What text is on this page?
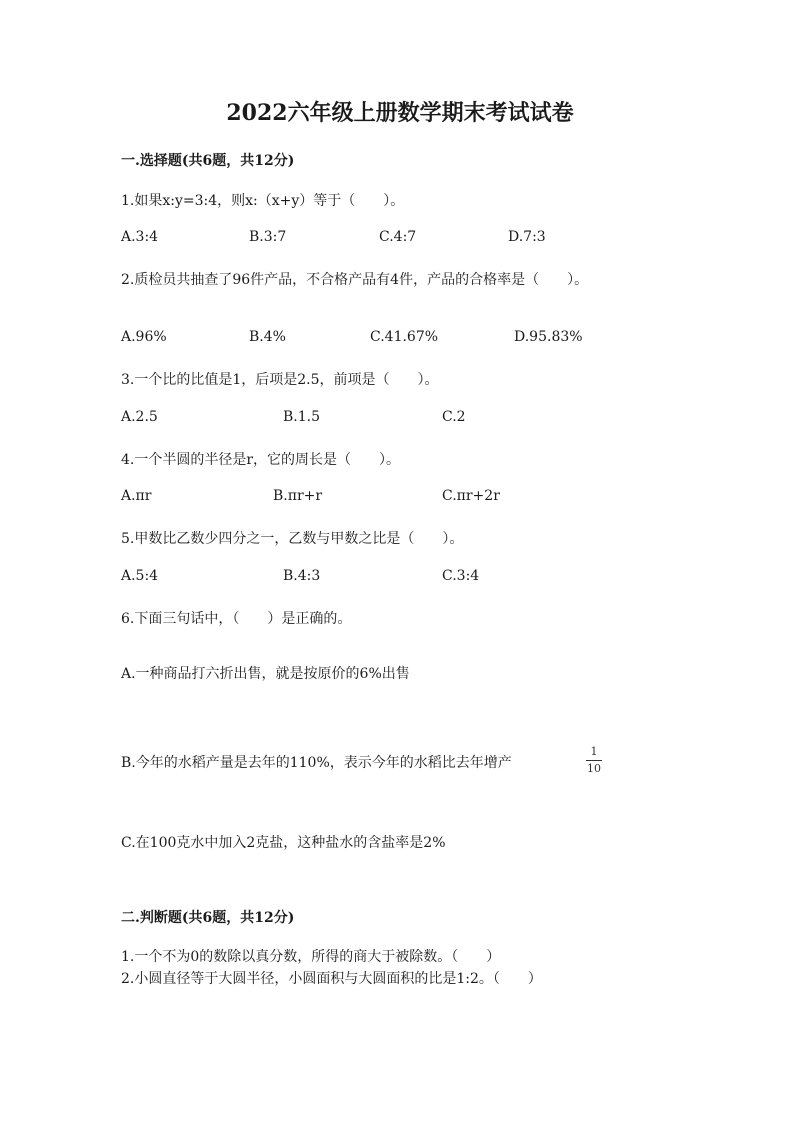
2022六年级上册数学期末考试试卷
一.选择题(共6题，共12分)
1.如果x:y=3:4，则x:（x+y）等于（　　）。
A.3:4	B.3:7	C.4:7	D.7:3
2.质检员共抽查了96件产品，不合格产品有4件，产品的合格率是（　　）。
A.96%	B.4%	C.41.67%	D.95.83%
3.一个比的比值是1，后项是2.5，前项是（　　）。
A.2.5	B.1.5	C.2
4.一个半圆的半径是r，它的周长是（　　）。
A.πr	B.πr+r	C.πr+2r
5.甲数比乙数少四分之一，乙数与甲数之比是（　　）。
A.5:4	B.4:3	C.3:4
6.下面三句话中，（　　）是正确的。
A.一种商品打六折出售，就是按原价的6%出售
B.今年的水稻产量是去年的110%，表示今年的水稻比去年增产
1
10
C.在100克水中加入2克盐，这种盐水的含盐率是2%
二.判断题(共6题，共12分)
1.一个不为0的数除以真分数，所得的商大于被除数。（　　）
2.小圆直径等于大圆半径，小圆面积与大圆面积的比是1:2。（　　）
